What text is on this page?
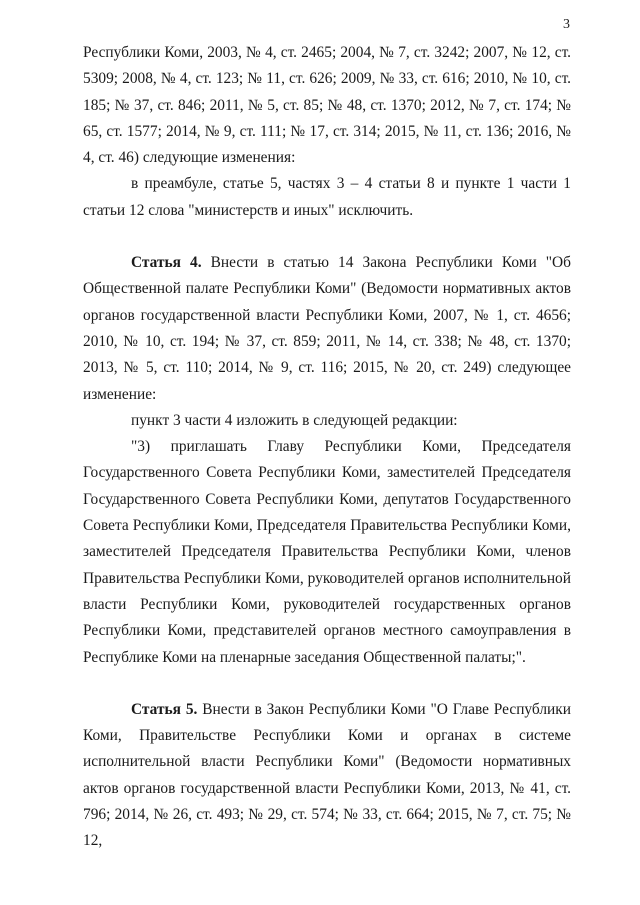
3

Республики Коми, 2003, № 4, ст. 2465; 2004, № 7, ст. 3242; 2007, № 12, ст. 5309; 2008, № 4, ст. 123; № 11, ст. 626; 2009, № 33, ст. 616; 2010, № 10, ст. 185; № 37, ст. 846; 2011, № 5, ст. 85; № 48, ст. 1370; 2012, № 7, ст. 174; № 65, ст. 1577; 2014, № 9, ст. 111; № 17, ст. 314; 2015, № 11, ст. 136; 2016, № 4, ст. 46) следующие изменения:

в преамбуле, статье 5, частях 3 – 4 статьи 8 и пункте 1 части 1 статьи 12 слова "министерств и иных" исключить.

Статья 4. Внести в статью 14 Закона Республики Коми "Об Общественной палате Республики Коми" (Ведомости нормативных актов органов государственной власти Республики Коми, 2007, № 1, ст. 4656; 2010, № 10, ст. 194; № 37, ст. 859; 2011, № 14, ст. 338; № 48, ст. 1370; 2013, № 5, ст. 110; 2014, № 9, ст. 116; 2015, № 20, ст. 249) следующее изменение:

пункт 3 части 4 изложить в следующей редакции:

"3) приглашать Главу Республики Коми, Председателя Государственного Совета Республики Коми, заместителей Председателя Государственного Совета Республики Коми, депутатов Государственного Совета Республики Коми, Председателя Правительства Республики Коми, заместителей Председателя Правительства Республики Коми, членов Правительства Республики Коми, руководителей органов исполнительной власти Республики Коми, руководителей государственных органов Республики Коми, представителей органов местного самоуправления в Республике Коми на пленарные заседания Общественной палаты;".

Статья 5. Внести в Закон Республики Коми "О Главе Республики Коми, Правительстве Республики Коми и органах в системе исполнительной власти Республики Коми" (Ведомости нормативных актов органов государственной власти Республики Коми, 2013, № 41, ст. 796; 2014, № 26, ст. 493; № 29, ст. 574; № 33, ст. 664; 2015, № 7, ст. 75; № 12,
